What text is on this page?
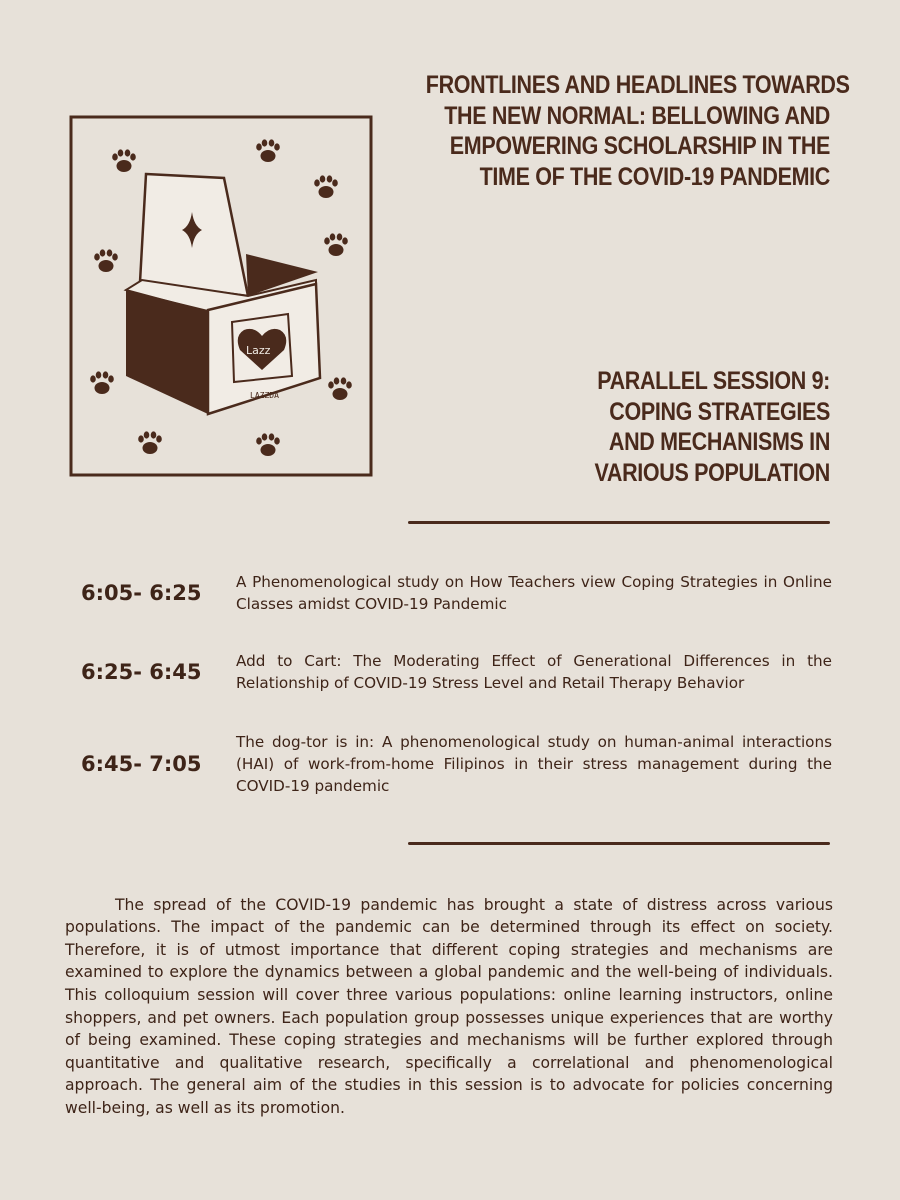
Lazz
LAZZDA
FRONTLINES AND HEADLINES TOWARDS
THE NEW NORMAL: BELLOWING AND
EMPOWERING SCHOLARSHIP IN THE
TIME OF THE COVID-19 PANDEMIC
PARALLEL SESSION 9:
COPING STRATEGIES
AND MECHANISMS IN
VARIOUS POPULATION
6:05- 6:25	A Phenomenological study on How Teachers view Coping Strategies in Online Classes amidst COVID-19 Pandemic
6:25- 6:45	Add to Cart: The Moderating Effect of Generational Differences in the Relationship of COVID-19 Stress Level and Retail Therapy Behavior
6:45- 7:05
The dog-tor is in: A phenomenological study on human-animal interactions (HAI) of work-from-home Filipinos in their stress management during the COVID-19 pandemic

The spread of the COVID-19 pandemic has brought a state of distress across various populations. The impact of the pandemic can be determined through its effect on society. Therefore, it is of utmost importance that different coping strategies and mechanisms are examined to explore the dynamics between a global pandemic and the well-being of individuals. This colloquium session will cover three various populations: online learning instructors, online shoppers, and pet owners. Each population group possesses unique experiences that are worthy of being examined. These coping strategies and mechanisms will be further explored through quantitative and qualitative research, specifically a correlational and phenomenological approach. The general aim of the studies in this session is to advocate for policies concerning well-being, as well as its promotion.
